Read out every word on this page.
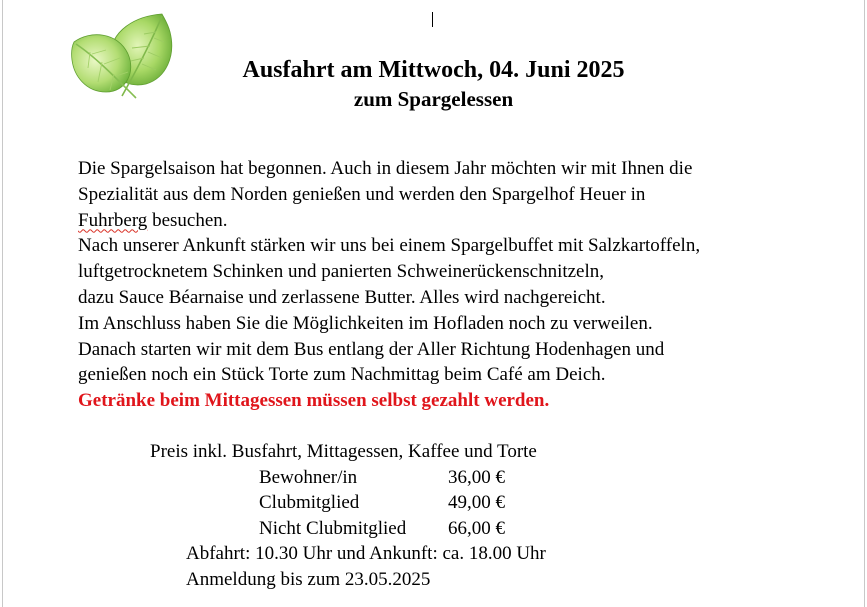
Ausfahrt am Mittwoch, 04. Juni 2025
zum Spargelessen

Die Spargelsaison hat begonnen. Auch in diesem Jahr möchten wir mit Ihnen die

Spezialität aus dem Norden genießen und werden den Spargelhof Heuer in

Fuhrberg besuchen.

Nach unserer Ankunft stärken wir uns bei einem Spargelbuffet mit Salzkartoffeln,

luftgetrocknetem Schinken und panierten Schweinerückenschnitzeln,

dazu Sauce Béarnaise und zerlassene Butter. Alles wird nachgereicht.

Im Anschluss haben Sie die Möglichkeiten im Hofladen noch zu verweilen.

Danach starten wir mit dem Bus entlang der Aller Richtung Hodenhagen und

genießen noch ein Stück Torte zum Nachmittag beim Café am Deich.

Getränke beim Mittagessen müssen selbst gezahlt werden.

Preis inkl. Busfahrt, Mittagessen, Kaffee und Torte
Bewohner/in	36,00 €
Clubmitglied	49,00 €
Nicht Clubmitglied 66,00 €
Abfahrt: 10.30 Uhr und Ankunft: ca. 18.00 Uhr
Anmeldung bis zum 23.05.2025
